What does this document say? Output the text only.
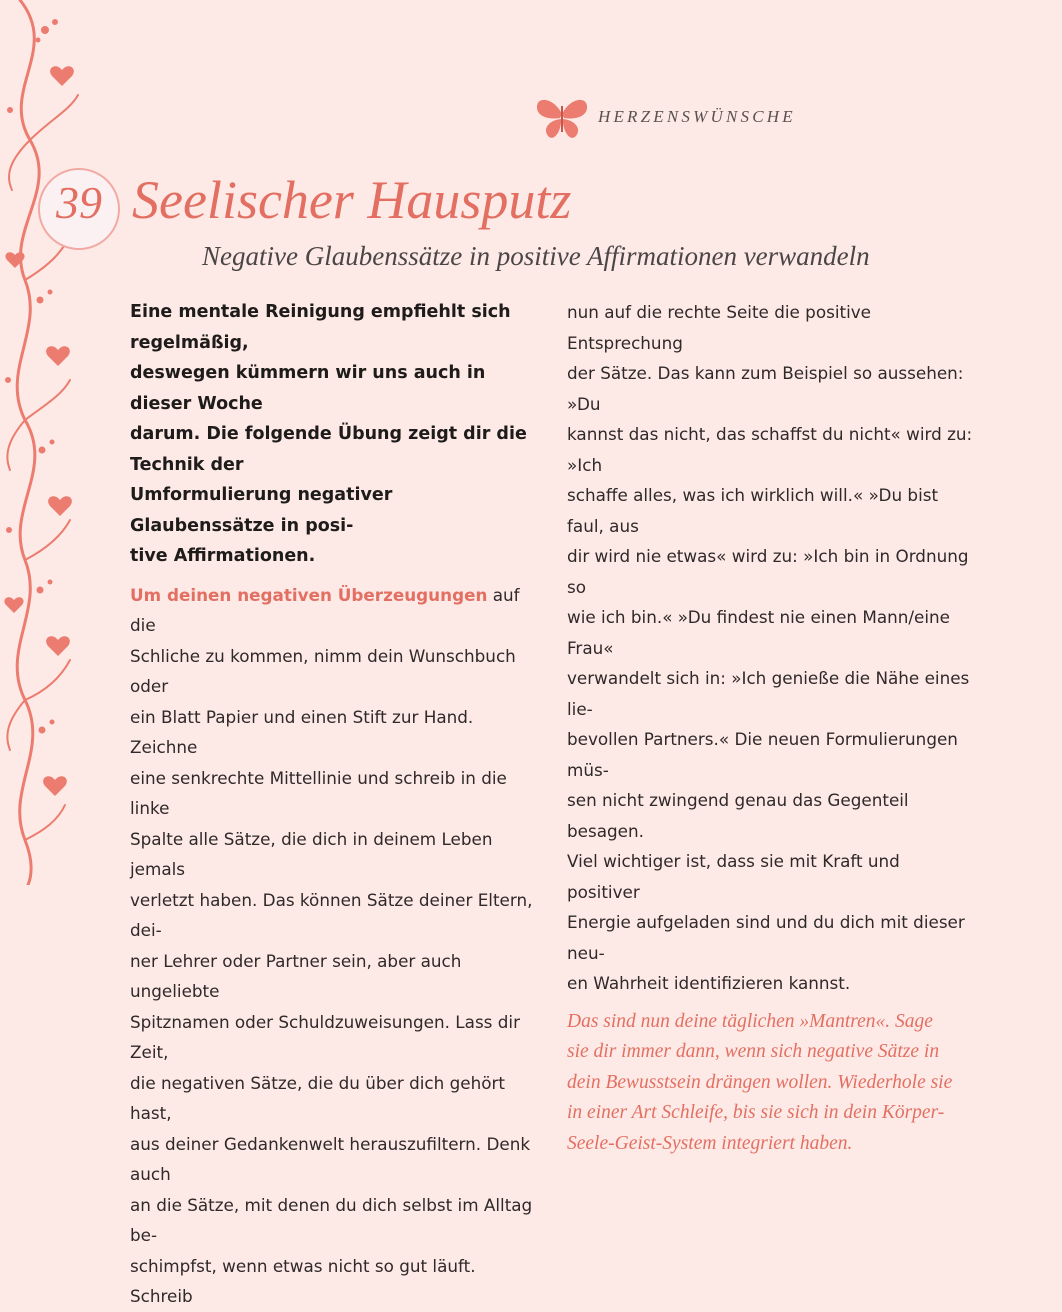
HERZENSWÜNSCHE
39 Seelischer Hausputz
Negative Glaubenssätze in positive Affirmationen verwandeln

Eine mentale Reinigung empfiehlt sich regelmäßig,
deswegen kümmern wir uns auch in dieser Woche
darum. Die folgende Übung zeigt dir die Technik der
Umformulierung negativer Glaubenssätze in posi-
tive Affirmationen.

Um deinen negativen Überzeugungen auf die
Schliche zu kommen, nimm dein Wunschbuch oder
ein Blatt Papier und einen Stift zur Hand. Zeichne
eine senkrechte Mittellinie und schreib in die linke
Spalte alle Sätze, die dich in deinem Leben jemals
verletzt haben. Das können Sätze deiner Eltern, dei-
ner Lehrer oder Partner sein, aber auch ungeliebte
Spitznamen oder Schuldzuweisungen. Lass dir Zeit,
die negativen Sätze, die du über dich gehört hast,
aus deiner Gedankenwelt herauszufiltern. Denk auch
an die Sätze, mit denen du dich selbst im Alltag be-
schimpfst, wenn etwas nicht so gut läuft. Schreib

nun auf die rechte Seite die positive Entsprechung
der Sätze. Das kann zum Beispiel so aussehen: »Du
kannst das nicht, das schaffst du nicht« wird zu: »Ich
schaffe alles, was ich wirklich will.« »Du bist faul, aus
dir wird nie etwas« wird zu: »Ich bin in Ordnung so
wie ich bin.« »Du findest nie einen Mann/eine Frau«
verwandelt sich in: »Ich genieße die Nähe eines lie-
bevollen Partners.« Die neuen Formulierungen müs-
sen nicht zwingend genau das Gegenteil besagen.
Viel wichtiger ist, dass sie mit Kraft und positiver
Energie aufgeladen sind und du dich mit dieser neu-
en Wahrheit identifizieren kannst.

Das sind nun deine täglichen »Mantren«. Sage
sie dir immer dann, wenn sich negative Sätze in
dein Bewusstsein drängen wollen. Wiederhole sie
in einer Art Schleife, bis sie sich in dein Körper-
Seele-Geist-System integriert haben.
